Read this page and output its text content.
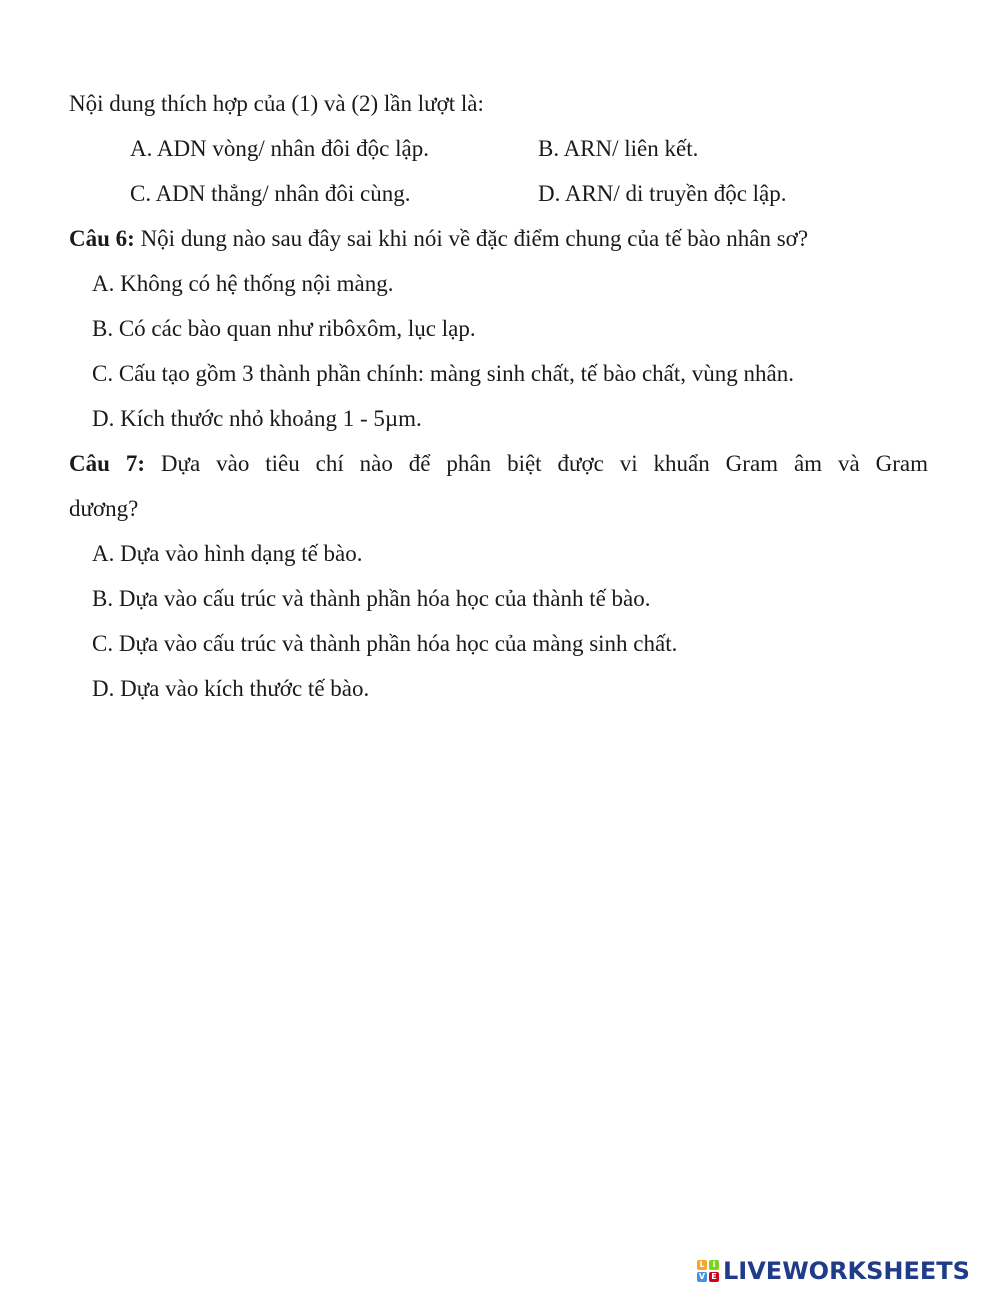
Nội dung thích hợp của (1) và (2) lần lượt là:
A. ADN vòng/ nhân đôi độc lập.	B. ARN/ liên kết.
C. ADN thẳng/ nhân đôi cùng.	D. ARN/ di truyền độc lập.
Câu 6: Nội dung nào sau đây sai khi nói về đặc điểm chung của tế bào nhân sơ?
A. Không có hệ thống nội màng.
B. Có các bào quan như ribôxôm, lục lạp.
C. Cấu tạo gồm 3 thành phần chính: màng sinh chất, tế bào chất, vùng nhân.
D. Kích thước nhỏ khoảng 1 - 5µm.
Câu 7: Dựa vào tiêu chí nào để phân biệt được vi khuẩn Gram âm và Gram
dương?
A. Dựa vào hình dạng tế bào.
B. Dựa vào cấu trúc và thành phần hóa học của thành tế bào.
C. Dựa vào cấu trúc và thành phần hóa học của màng sinh chất.
D. Dựa vào kích thước tế bào.
L I
V E LIVEWORKSHEETS
